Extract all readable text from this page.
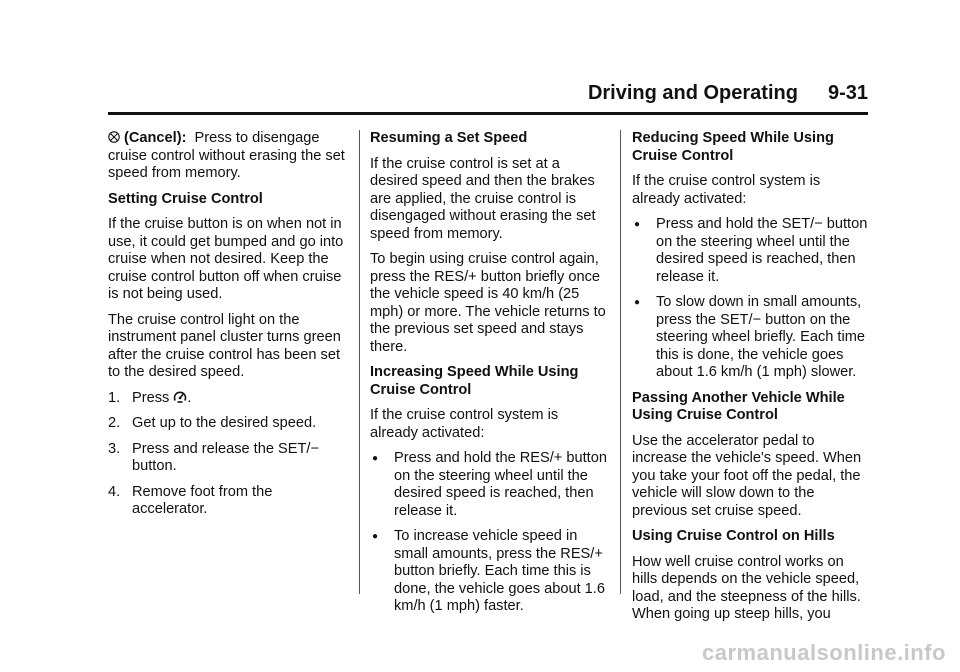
Driving and Operating 9-31

(Cancel): Press to disengage cruise control without erasing the set speed from memory.

Setting Cruise Control

If the cruise button is on when not in use, it could get bumped and go into cruise when not desired. Keep the cruise control button off when cruise is not being used.

The cruise control light on the instrument panel cluster turns green after the cruise control has been set to the desired speed.

1. Press .
2. Get up to the desired speed.
3. Press and release the SET/− button.
4. Remove foot from the accelerator.

Resuming a Set Speed

If the cruise control is set at a desired speed and then the brakes are applied, the cruise control is disengaged without erasing the set speed from memory.

To begin using cruise control again, press the RES/+ button briefly once the vehicle speed is 40 km/h (25 mph) or more. The vehicle returns to the previous set speed and stays there.

Increasing Speed While Using Cruise Control

If the cruise control system is already activated:

●	Press and hold the RES/+ button on the steering wheel until the desired speed is reached, then release it.
●	To increase vehicle speed in small amounts, press the RES/+ button briefly. Each time this is done, the vehicle goes about 1.6 km/h (1 mph) faster.

Reducing Speed While Using Cruise Control

If the cruise control system is already activated:

●	Press and hold the SET/− button on the steering wheel until the desired speed is reached, then release it.
●	To slow down in small amounts, press the SET/− button on the steering wheel briefly. Each time this is done, the vehicle goes about 1.6 km/h (1 mph) slower.

Passing Another Vehicle While Using Cruise Control

Use the accelerator pedal to increase the vehicle's speed. When you take your foot off the pedal, the vehicle will slow down to the previous set cruise speed.

Using Cruise Control on Hills

How well cruise control works on hills depends on the vehicle speed, load, and the steepness of the hills. When going up steep hills, you

carmanualsonline.info
